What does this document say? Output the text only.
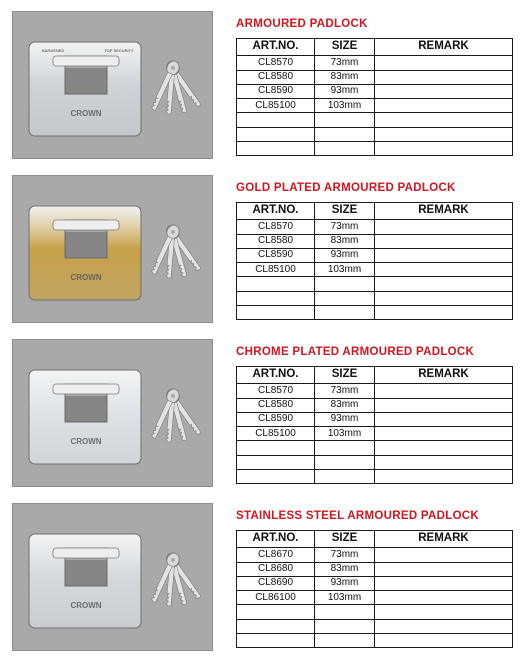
CROWN
HARDENED	TOP SECURITY
ARMOURED PADLOCK
ART.NO.	SIZE	REMARK
CL8570	73mm	
CL8580	83mm	
CL8590	93mm	
CL85100	103mm	

CROWN
GOLD PLATED ARMOURED PADLOCK
ART.NO.	SIZE	REMARK
CL8570	73mm	
CL8580	83mm	
CL8590	93mm	
CL85100	103mm	

CROWN
CHROME PLATED ARMOURED PADLOCK
ART.NO.	SIZE	REMARK
CL8570	73mm	
CL8580	83mm	
CL8590	93mm	
CL85100	103mm	

CROWN
STAINLESS STEEL ARMOURED PADLOCK
ART.NO.	SIZE	REMARK
CL8670	73mm	
CL8680	83mm	
CL8690	93mm	
CL86100	103mm	
